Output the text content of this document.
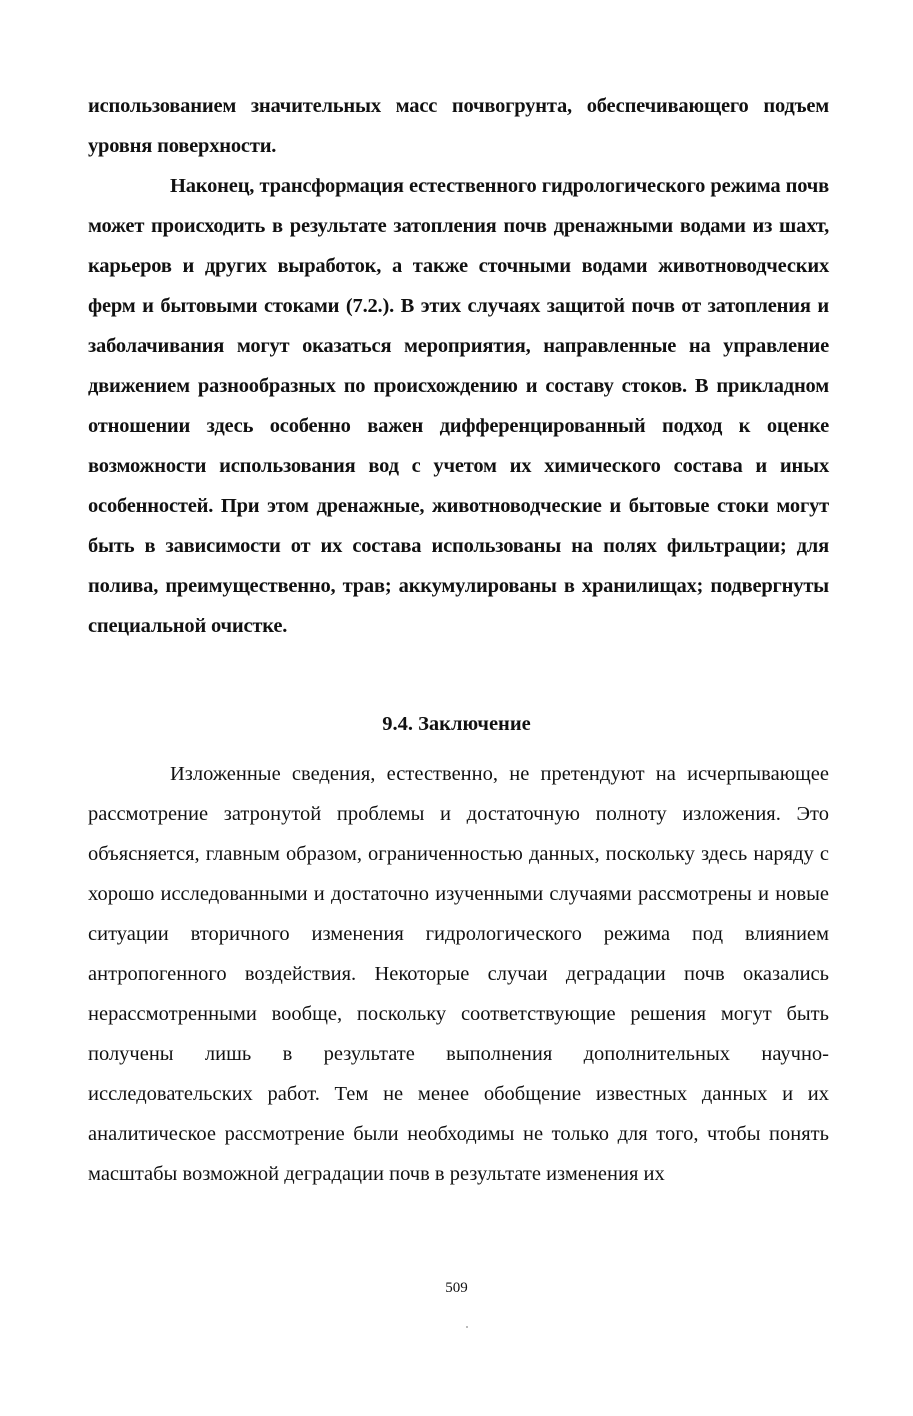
использованием значительных масс почвогрунта, обеспечивающего подъем уровня поверхности.

Наконец, трансформация естественного гидрологического режима почв может происходить в результате затопления почв дренажными водами из шахт, карьеров и других выработок, а также сточными водами животноводческих ферм и бытовыми стоками (7.2.). В этих случаях защитой почв от затопления и заболачивания могут оказаться мероприятия, направленные на управление движением разнообразных по происхождению и составу стоков. В прикладном отношении здесь особенно важен дифференцированный подход к оценке возможности использования вод с учетом их химического состава и иных особенностей. При этом дренажные, животноводческие и бытовые стоки могут быть в зависимости от их состава использованы на полях фильтрации; для полива, преимущественно, трав; аккумулированы в хранилищах; подвергнуты специальной очистке.

9.4. Заключение

Изложенные сведения, естественно, не претендуют на исчерпывающее рассмотрение затронутой проблемы и достаточную полноту изложения. Это объясняется, главным образом, ограниченностью данных, поскольку здесь наряду с хорошо исследованными и достаточно изученными случаями рассмотрены и новые ситуации вторичного изменения гидрологического режима под влиянием антропогенного воздействия. Некоторые случаи деградации почв оказались нерассмотренными вообще, поскольку соответствующие решения могут быть получены лишь в результате выполнения дополнительных научно-исследовательских работ. Тем не менее обобщение известных данных и их аналитическое рассмотрение были необходимы не только для того, чтобы понять масштабы возможной деградации почв в результате изменения их

509
